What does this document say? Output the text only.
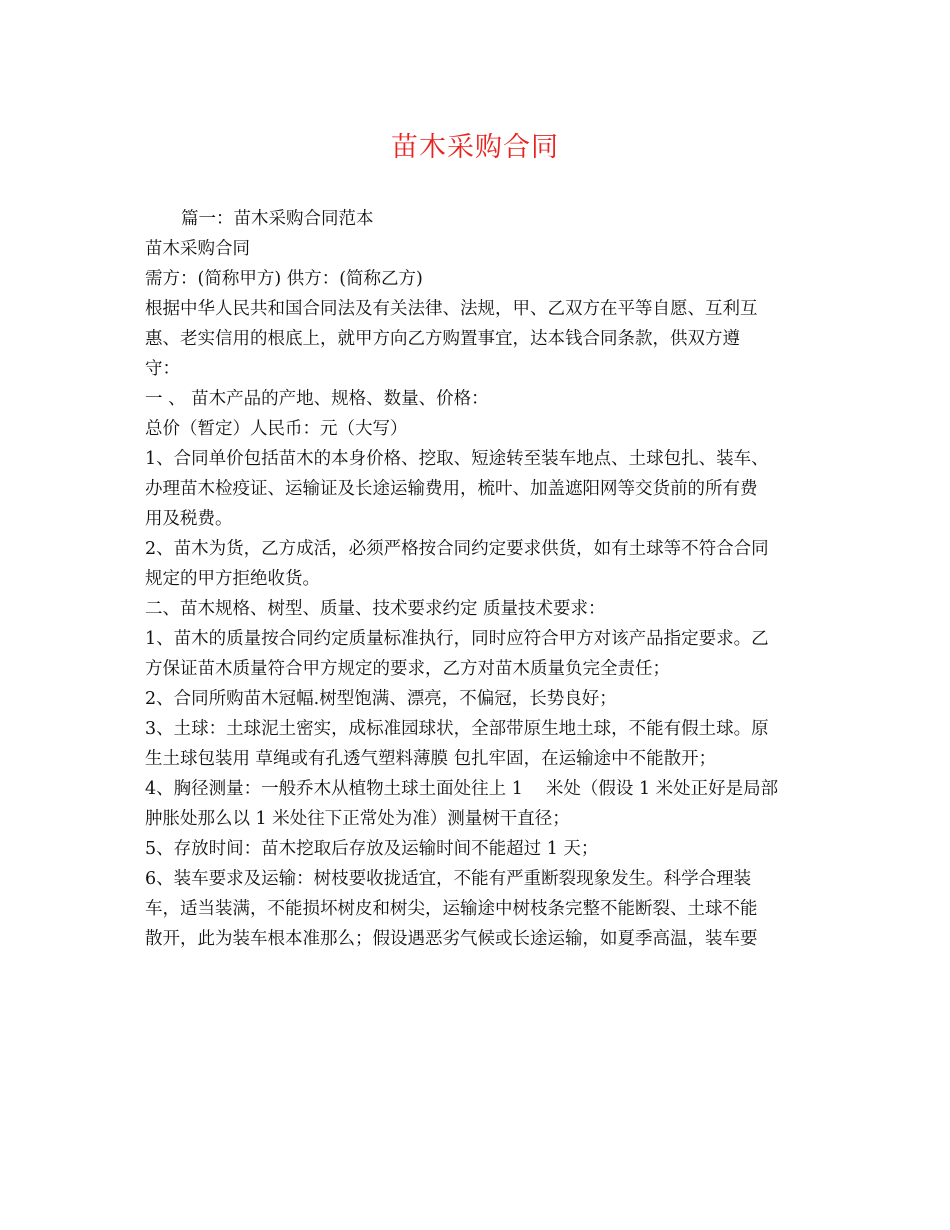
苗木采购合同

篇一：苗木采购合同范本

苗木采购合同

需方：(简称甲方) 供方：(简称乙方)

根据中华人民共和国合同法及有关法律、法规，甲、乙双方在平等自愿、互利互
惠、老实信用的根底上，就甲方向乙方购置事宜，达本钱合同条款，供双方遵
守：

一 、 苗木产品的产地、规格、数量、价格：

总价（暂定）人民币：元（大写）

1、合同单价包括苗木的本身价格、挖取、短途转至装车地点、土球包扎、装车、
办理苗木检疫证、运输证及长途运输费用，梳叶、加盖遮阳网等交货前的所有费
用及税费。

2、苗木为货，乙方成活，必须严格按合同约定要求供货，如有土球等不符合合同
规定的甲方拒绝收货。

二、苗木规格、树型、质量、技术要求约定 质量技术要求：

1、苗木的质量按合同约定质量标准执行，同时应符合甲方对该产品指定要求。乙
方保证苗木质量符合甲方规定的要求，乙方对苗木质量负完全责任；

2、合同所购苗木冠幅.树型饱满、漂亮，不偏冠，长势良好；

3、土球：土球泥土密实，成标准园球状，全部带原生地土球，不能有假土球。原
生土球包装用 草绳或有孔透气塑料薄膜 包扎牢固，在运输途中不能散开；

4、胸径测量：一般乔木从植物土球土面处往上 1　 米处（假设 1 米处正好是局部
肿胀处那么以 1 米处往下正常处为准）测量树干直径；

5、存放时间：苗木挖取后存放及运输时间不能超过 1 天；

6、装车要求及运输：树枝要收拢适宜，不能有严重断裂现象发生。科学合理装
车，适当装满，不能损坏树皮和树尖，运输途中树枝条完整不能断裂、土球不能
散开，此为装车根本准那么；假设遇恶劣气候或长途运输，如夏季高温，装车要
